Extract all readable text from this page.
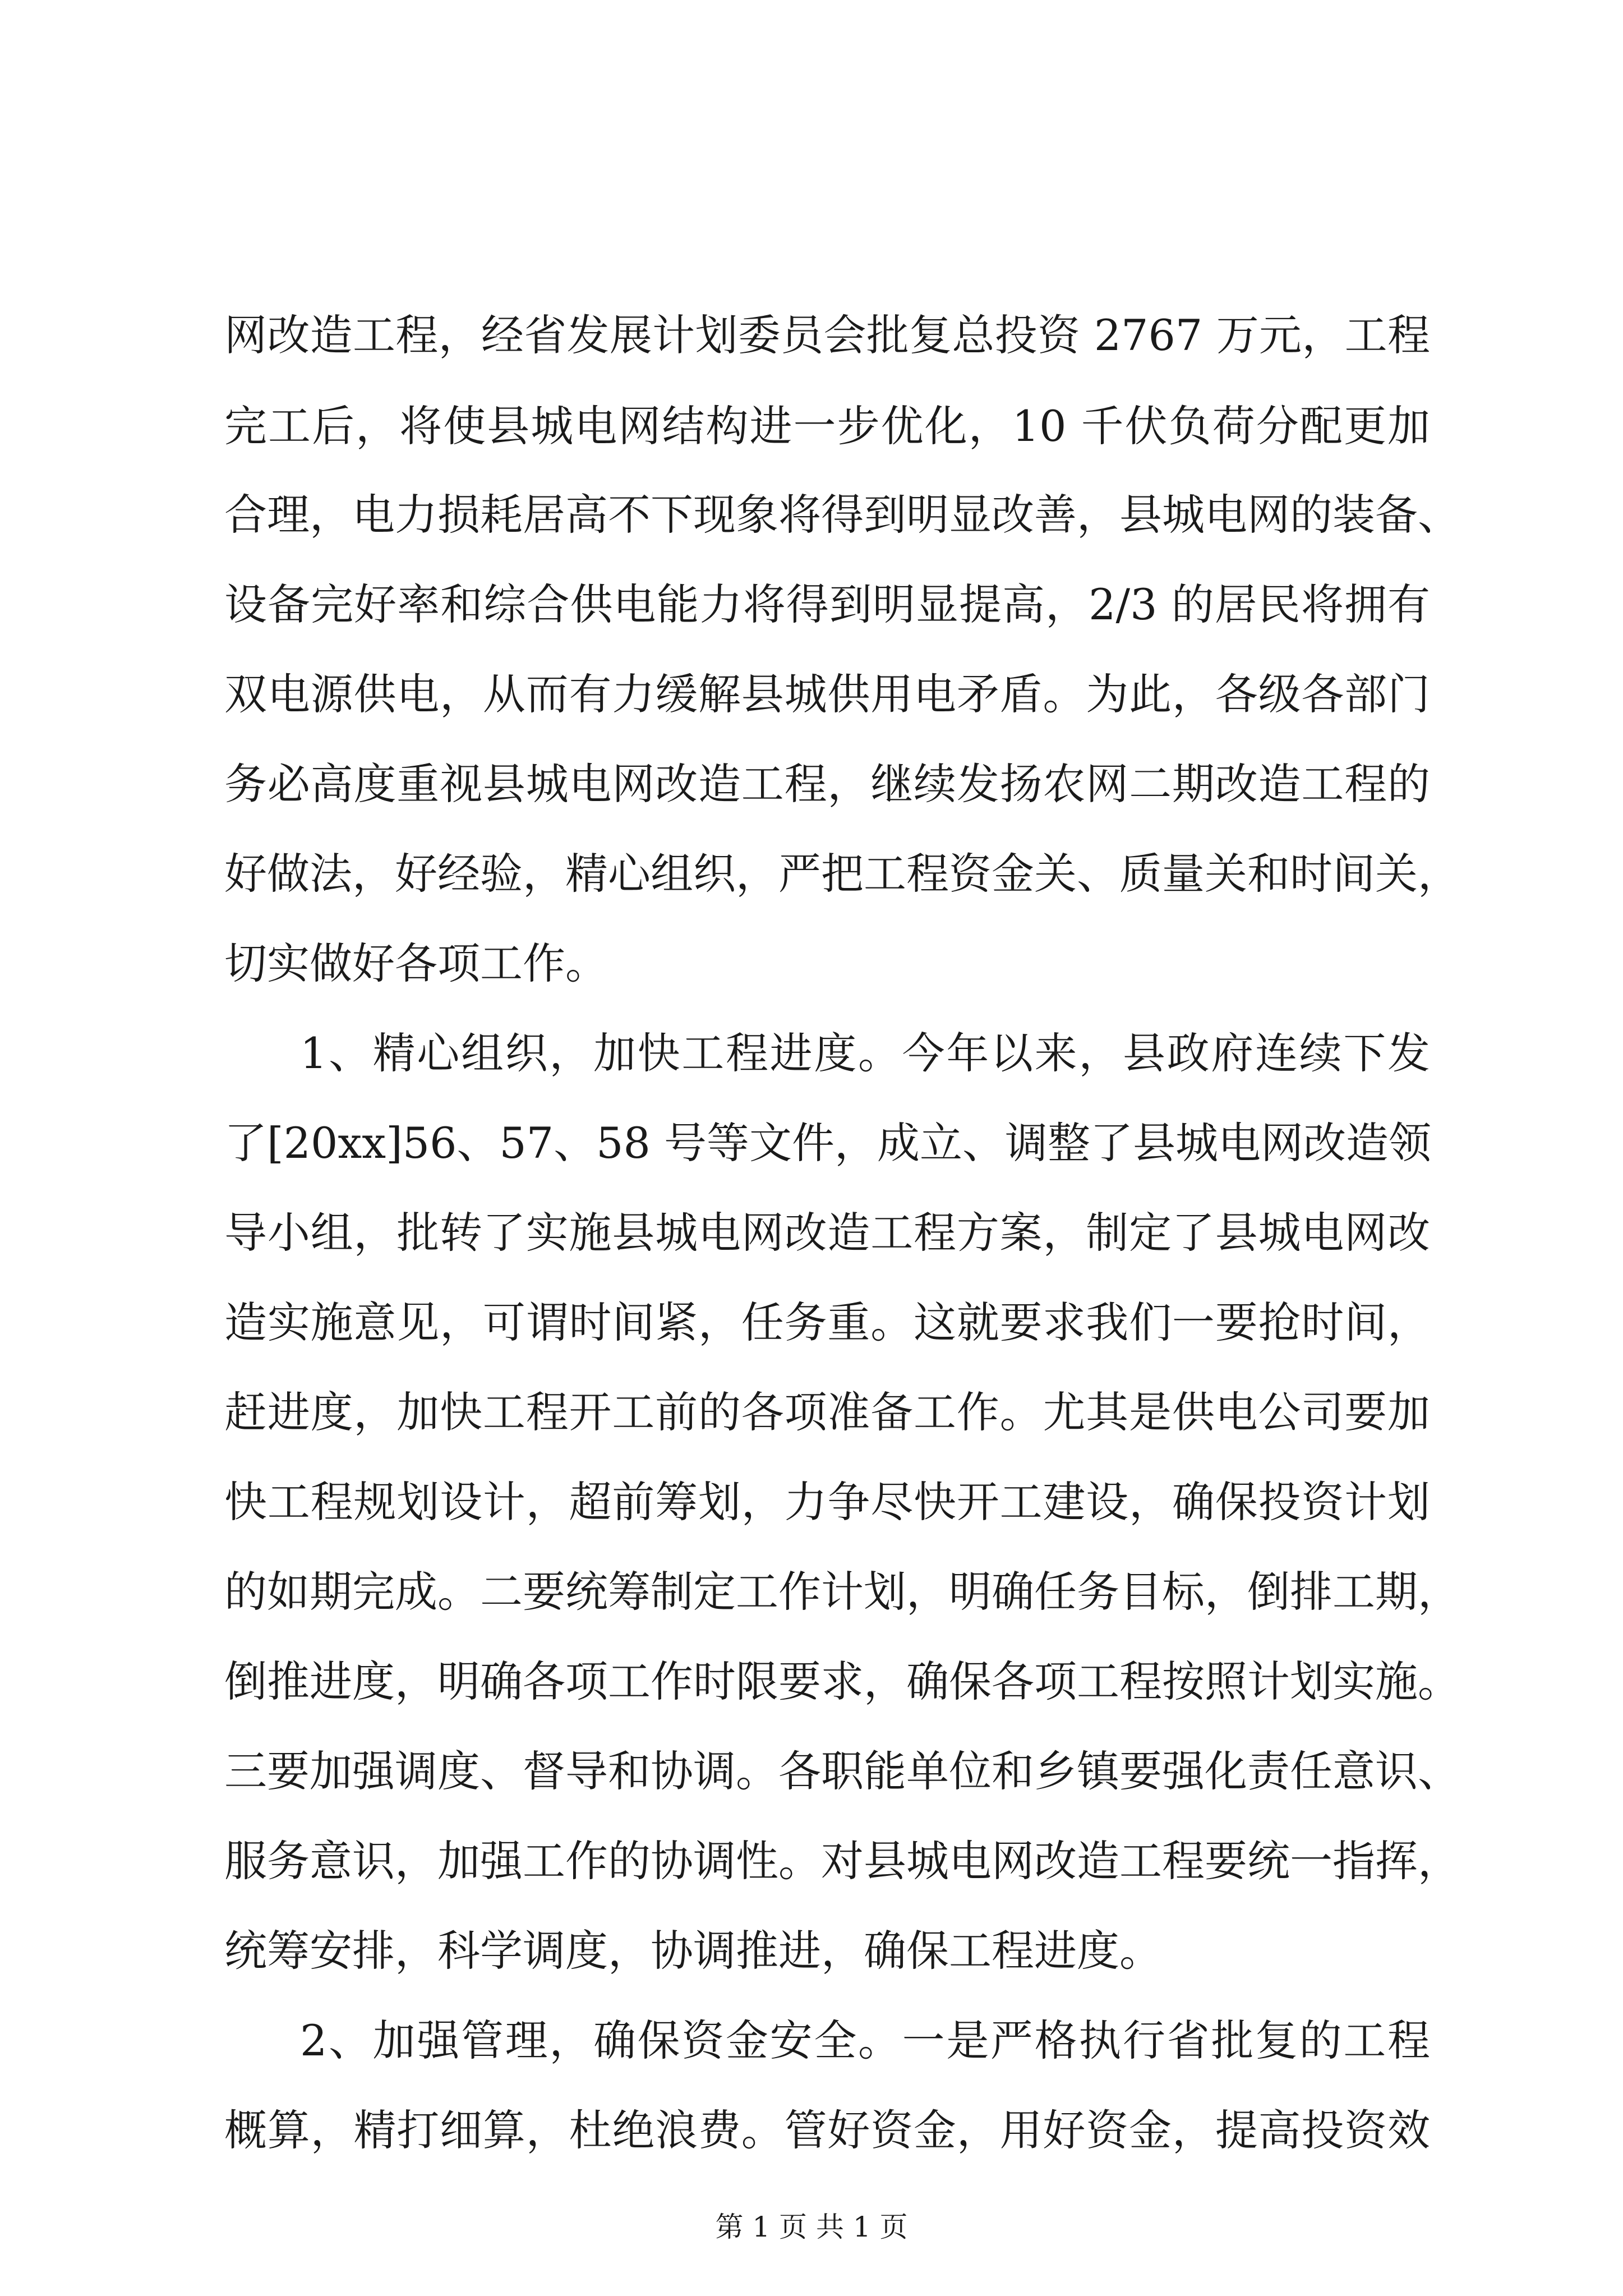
网改造工程，经省发展计划委员会批复总投资 2767 万元，工程
完工后，将使县城电网结构进一步优化，10 千伏负荷分配更加
合理，电力损耗居高不下现象将得到明显改善，县城电网的装备、
设备完好率和综合供电能力将得到明显提高，2/3 的居民将拥有
双电源供电，从而有力缓解县城供用电矛盾。为此，各级各部门
务必高度重视县城电网改造工程，继续发扬农网二期改造工程的
好做法，好经验，精心组织，严把工程资金关、质量关和时间关，
切实做好各项工作。
1、精心组织，加快工程进度。今年以来，县政府连续下发
了[20xx]56、57、58 号等文件，成立、调整了县城电网改造领
导小组，批转了实施县城电网改造工程方案，制定了县城电网改
造实施意见，可谓时间紧，任务重。这就要求我们一要抢时间，
赶进度，加快工程开工前的各项准备工作。尤其是供电公司要加
快工程规划设计，超前筹划，力争尽快开工建设，确保投资计划
的如期完成。二要统筹制定工作计划，明确任务目标，倒排工期，
倒推进度，明确各项工作时限要求，确保各项工程按照计划实施。
三要加强调度、督导和协调。各职能单位和乡镇要强化责任意识、
服务意识，加强工作的协调性。对县城电网改造工程要统一指挥，
统筹安排，科学调度，协调推进，确保工程进度。
2、加强管理，确保资金安全。一是严格执行省批复的工程
概算，精打细算，杜绝浪费。管好资金，用好资金，提高投资效
第 1 页 共 1 页
